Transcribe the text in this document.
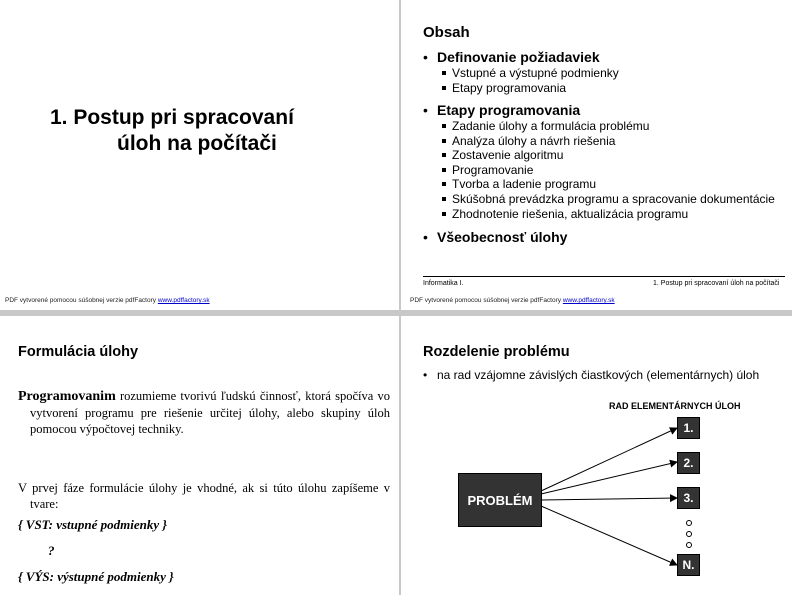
1. Postup pri spracovaní
úloh na počítači
PDF vytvorené pomocou súšobnej verzie pdfFactory www.pdffactory.sk
Obsah
• Definovanie požiadaviek
Vstupné a výstupné podmienky
Etapy programovania
• Etapy programovania
Zadanie úlohy a formulácia problému
Analýza úlohy a návrh riešenia
Zostavenie algoritmu
Programovanie
Tvorba a ladenie programu
Skúšobná prevádzka programu a spracovanie dokumentácie
Zhodnotenie riešenia, aktualizácia programu
• Všeobecnosť úlohy
Informatika I.	1. Postup pri spracovaní úloh na počítači
PDF vytvorené pomocou súšobnej verzie pdfFactory www.pdffactory.sk
Formulácia úlohy
Programovanim rozumieme tvorivú ľudskú činnosť, ktorá spočíva vo vytvorení programu pre riešenie určitej úlohy, alebo skupiny úloh pomocou výpočtovej techniky.
V prvej fáze formulácie úlohy je vhodné, ak si túto úlohu zapíšeme v tvare:
{ VST: vstupné podmienky }
?
{ VÝS: výstupné podmienky }
Rozdelenie problému
• na rad vzájomne závislých čiastkových (elementárnych) úloh
RAD ELEMENTÁRNYCH ÚLOH
PROBLÉM
1.
2.
3.
N.
